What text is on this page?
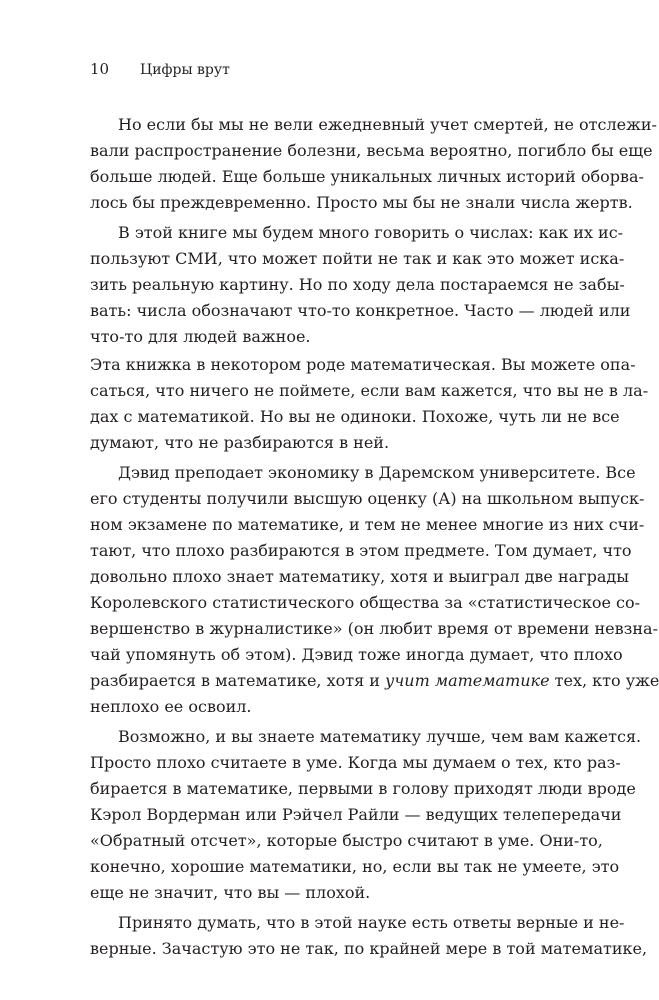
10 Цифры врут
Но если бы мы не вели ежедневный учет смертей, не отслежи-
вали распространение болезни, весьма вероятно, погибло бы еще
больше людей. Еще больше уникальных личных историй оборва-
лось бы преждевременно. Просто мы бы не знали числа жертв.
В этой книге мы будем много говорить о числах: как их ис-
пользуют СМИ, что может пойти не так и как это может иска-
зить реальную картину. Но по ходу дела постараемся не забы-
вать: числа обозначают что-то конкретное. Часто — людей или
что-то для людей важное.
Эта книжка в некотором роде математическая. Вы можете опа-
саться, что ничего не поймете, если вам кажется, что вы не в ла-
дах с математикой. Но вы не одиноки. Похоже, чуть ли не все
думают, что не разбираются в ней.
Дэвид преподает экономику в Даремском университете. Все
его студенты получили высшую оценку (А) на школьном выпуск-
ном экзамене по математике, и тем не менее многие из них счи-
тают, что плохо разбираются в этом предмете. Том думает, что
довольно плохо знает математику, хотя и выиграл две награды
Королевского статистического общества за «статистическое со-
вершенство в журналистике» (он любит время от времени невзна-
чай упомянуть об этом). Дэвид тоже иногда думает, что плохо
разбирается в математике, хотя и учит математике тех, кто уже
неплохо ее освоил.
Возможно, и вы знаете математику лучше, чем вам кажется.
Просто плохо считаете в уме. Когда мы думаем о тех, кто раз-
бирается в математике, первыми в голову приходят люди вроде
Кэрол Вордерман или Рэйчел Райли — ведущих телепередачи
«Обратный отсчет», которые быстро считают в уме. Они-то,
конечно, хорошие математики, но, если вы так не умеете, это
еще не значит, что вы — плохой.
Принято думать, что в этой науке есть ответы верные и не-
верные. Зачастую это не так, по крайней мере в той математике,
